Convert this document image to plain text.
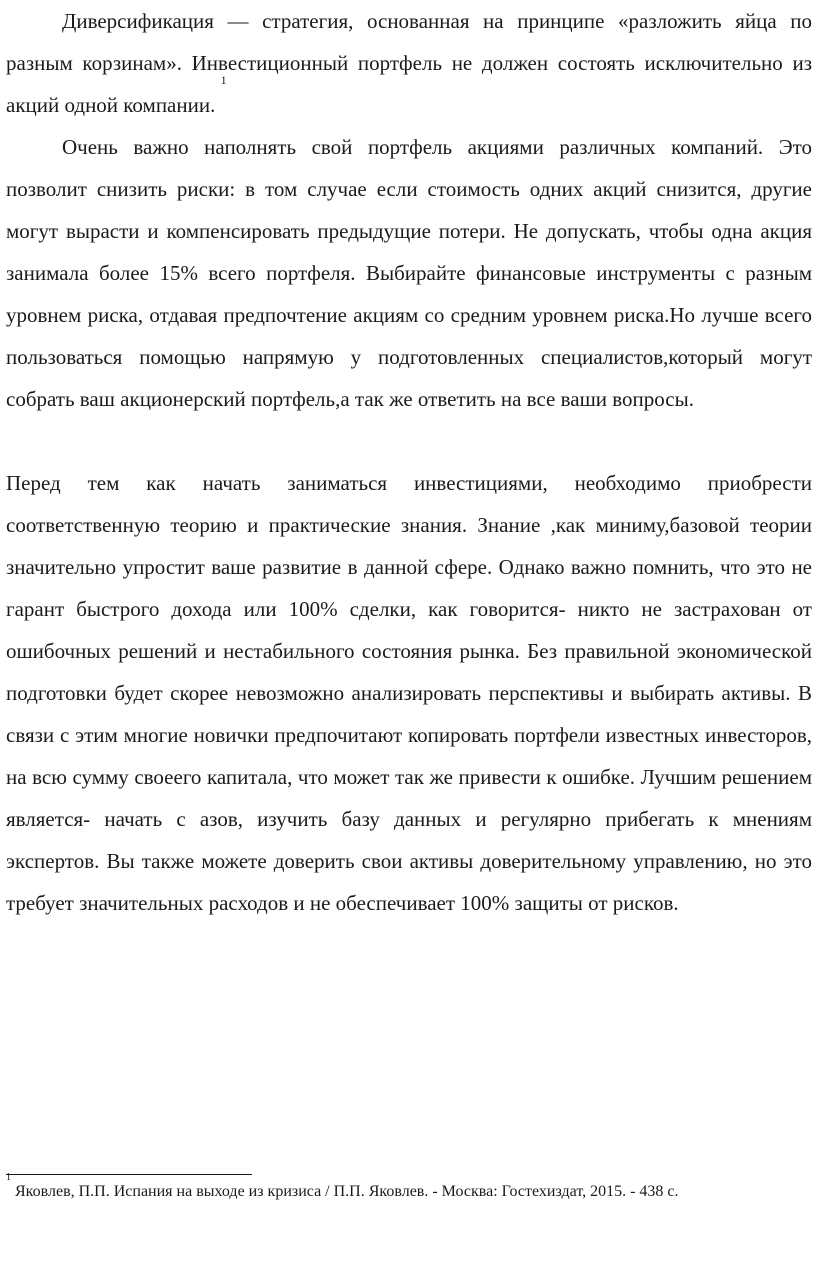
Диверсификация — стратегия, основанная на принципе «разложить яйца по разным корзинам». Инвестиционный портфель не должен состоять исключительно из акций одной компании. $^1$

Очень важно наполнять свой портфель акциями различных компаний. Это позволит снизить риски: в том случае если стоимость одних акций снизится, другие могут вырасти и компенсировать предыдущие потери. Не допускать, чтобы одна акция занимала более 15% всего портфеля. Выбирайте финансовые инструменты с разным уровнем риска, отдавая предпочтение акциям со средним уровнем риска.Но лучше всего пользоваться помощью напрямую у подготовленных специалистов,который могут собрать ваш акционерский портфель,а так же ответить на все ваши вопросы.

Перед тем как начать заниматься инвестициями, необходимо приобрести соответственную теорию и практические знания. Знание ,как миниму,базовой теории значительно упростит ваше развитие в данной сфере. Однако важно помнить, что это не гарант быстрого дохода или 100% сделки, как говорится- никто не застрахован от ошибочных решений и нестабильного состояния рынка. Без правильной экономической подготовки будет скорее невозможно анализировать перспективы и выбирать активы. В связи с этим многие новички предпочитают копировать портфели известных инвесторов, на всю сумму своеего капитала, что может так же привести к ошибке. Лучшим решением является- начать с азов, изучить базу данных и регулярно прибегать к мнениям экспертов. Вы также можете доверить свои активы доверительному управлению, но это требует значительных расходов и не обеспечивает 100% защиты от рисков.

$^1$ Яковлев, П.П. Испания на выходе из кризиса / П.П. Яковлев. - Москва: Гостехиздат, 2015. - 438 с.
